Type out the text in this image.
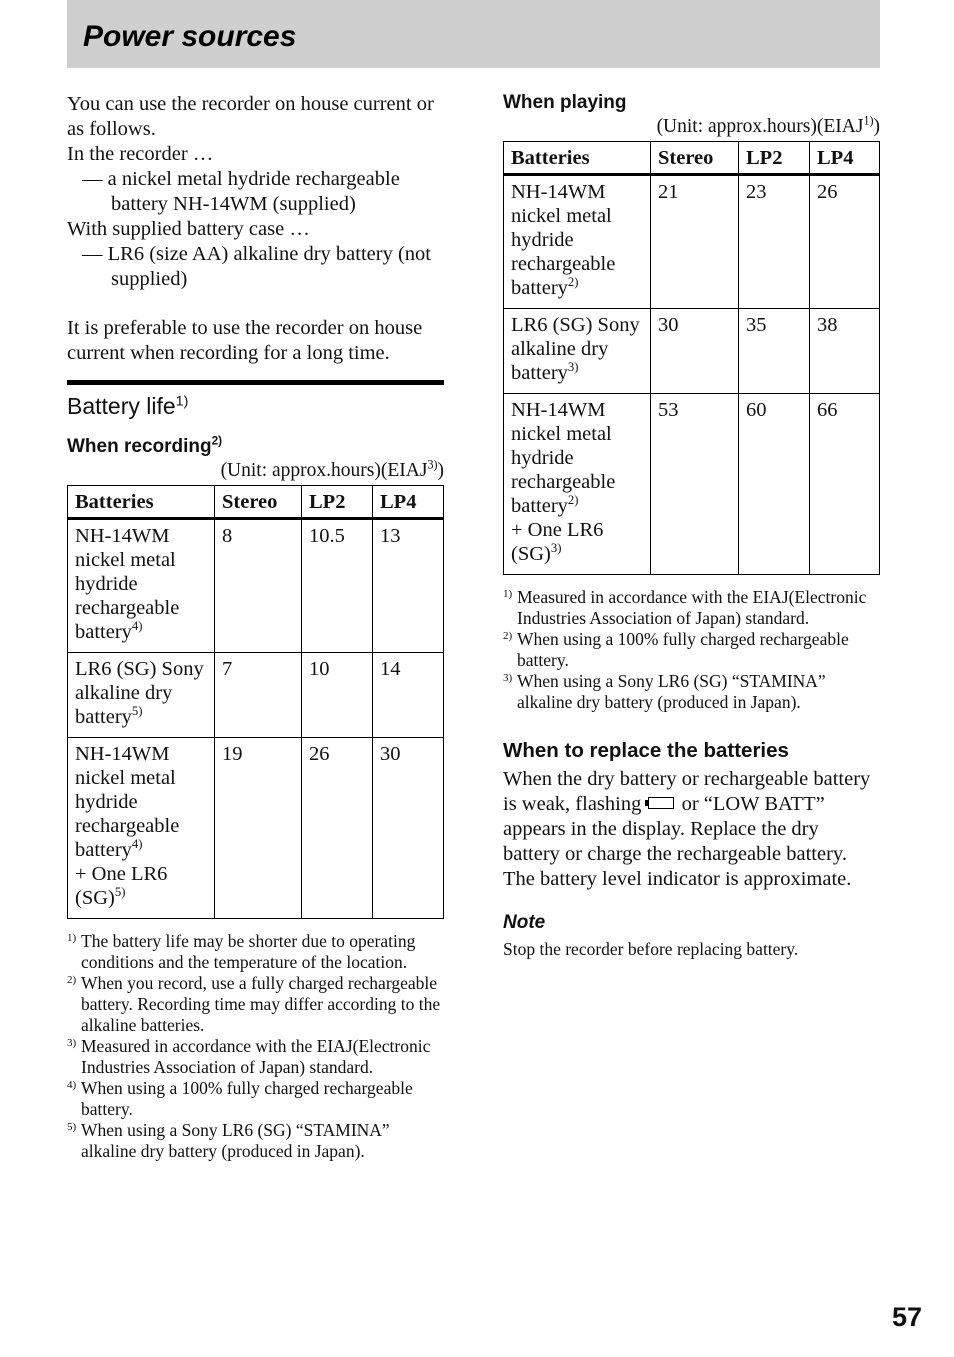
Power sources

You can use the recorder on house current or as follows.

In the recorder …

— a nickel metal hydride rechargeable battery NH-14WM (supplied)

With supplied battery case …

— LR6 (size AA) alkaline dry battery (not supplied)

It is preferable to use the recorder on house current when recording for a long time.

Battery life$^{1)}$
When recording$^{2)}$

(Unit: approx.hours)(EIAJ$^{3)}$)

Batteries	Stereo	LP2	LP4
NH-14WM nickel metal hydride rechargeable battery$^{4)}$	8	10.5	13
LR6 (SG) Sony alkaline dry battery$^{5)}$	7	10	14
NH-14WM nickel metal hydride rechargeable battery$^{4)}$
+ One LR6 (SG)$^{5)}$	19	26	30
1) The battery life may be shorter due to operating conditions and the temperature of the location.
2) When you record, use a fully charged rechargeable battery. Recording time may differ according to the alkaline batteries.
3) Measured in accordance with the EIAJ(Electronic Industries Association of Japan) standard.
4) When using a 100% fully charged rechargeable battery.
5) When using a Sony LR6 (SG) “STAMINA” alkaline dry battery (produced in Japan).
When playing

(Unit: approx.hours)(EIAJ$^{1)}$)

Batteries	Stereo	LP2	LP4
NH-14WM nickel metal hydride rechargeable battery$^{2)}$	21	23	26
LR6 (SG) Sony alkaline dry battery$^{3)}$	30	35	38
NH-14WM nickel metal hydride rechargeable battery$^{2)}$
+ One LR6 (SG)$^{3)}$	53	60	66
1) Measured in accordance with the EIAJ(Electronic Industries Association of Japan) standard.
2) When using a 100% fully charged rechargeable battery.
3) When using a Sony LR6 (SG) “STAMINA” alkaline dry battery (produced in Japan).
When to replace the batteries

When the dry battery or rechargeable battery is weak, flashing or “LOW BATT” appears in the display. Replace the dry battery or charge the rechargeable battery.

The battery level indicator is approximate.

Note

Stop the recorder before replacing battery.

57
